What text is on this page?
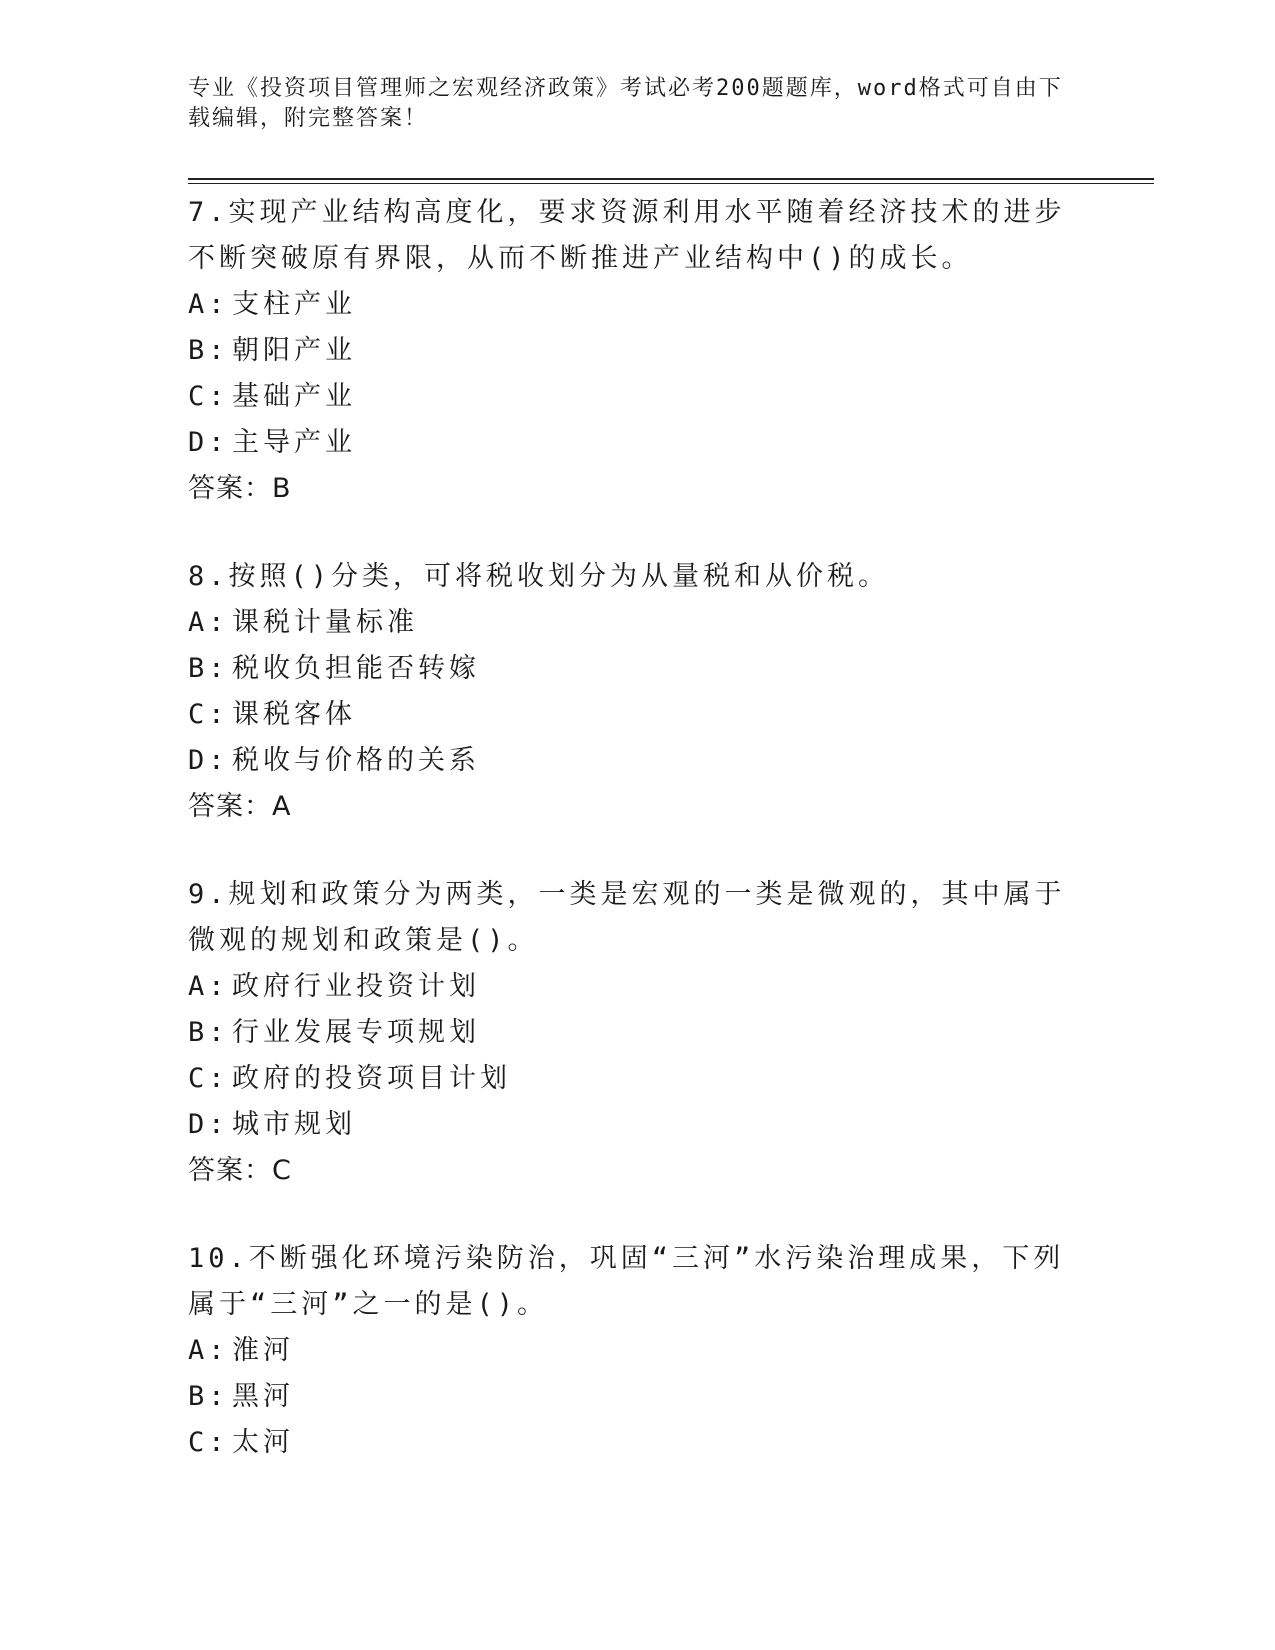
专业《投资项目管理师之宏观经济政策》考试必考200题题库，word格式可自由下载编辑，附完整答案！

7.实现产业结构高度化，要求资源利用水平随着经济技术的进步不断突破原有界限，从而不断推进产业结构中()的成长。

A: 支柱产业
B: 朝阳产业
C: 基础产业
D: 主导产业
答案：B

8.按照()分类，可将税收划分为从量税和从价税。

A: 课税计量标准
B: 税收负担能否转嫁
C: 课税客体
D: 税收与价格的关系
答案：A

9.规划和政策分为两类，一类是宏观的一类是微观的，其中属于微观的规划和政策是()。

A: 政府行业投资计划
B: 行业发展专项规划
C: 政府的投资项目计划
D: 城市规划
答案：C

10.不断强化环境污染防治，巩固“三河”水污染治理成果，下列属于“三河”之一的是()。

A: 淮河
B: 黑河
C: 太河
